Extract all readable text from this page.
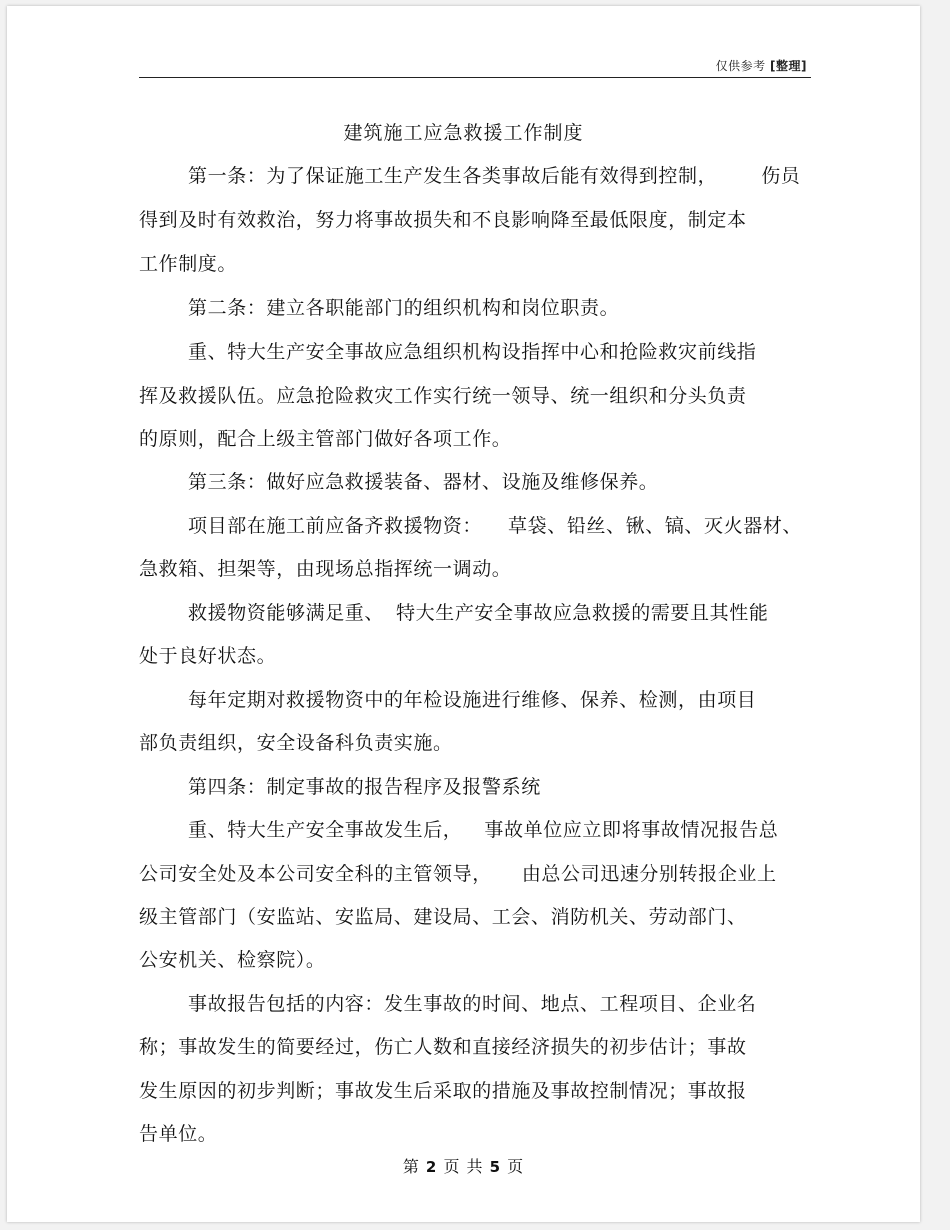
仅供参考 [整理]
建筑施工应急救援工作制度
第一条：为了保证施工生产发生各类事故后能有效得到控制， 伤员
得到及时有效救治，努力将事故损失和不良影响降至最低限度，制定本
工作制度。
第二条：建立各职能部门的组织机构和岗位职责。
重、特大生产安全事故应急组织机构设指挥中心和抢险救灾前线指
挥及救援队伍。应急抢险救灾工作实行统一领导、统一组织和分头负责
的原则，配合上级主管部门做好各项工作。
第三条：做好应急救援装备、器材、设施及维修保养。
项目部在施工前应备齐救援物资： 草袋、铅丝、锹、镐、灭火器材、
急救箱、担架等，由现场总指挥统一调动。
救援物资能够满足重、 特大生产安全事故应急救援的需要且其性能
处于良好状态。
每年定期对救援物资中的年检设施进行维修、保养、检测，由项目
部负责组织，安全设备科负责实施。
第四条：制定事故的报告程序及报警系统
重、特大生产安全事故发生后， 事故单位应立即将事故情况报告总
公司安全处及本公司安全科的主管领导， 由总公司迅速分别转报企业上
级主管部门（安监站、安监局、建设局、工会、消防机关、劳动部门、
公安机关、检察院）。
事故报告包括的内容：发生事故的时间、地点、工程项目、企业名
称；事故发生的简要经过，伤亡人数和直接经济损失的初步估计；事故
发生原因的初步判断；事故发生后采取的措施及事故控制情况；事故报
告单位。
第 2 页 共 5 页
